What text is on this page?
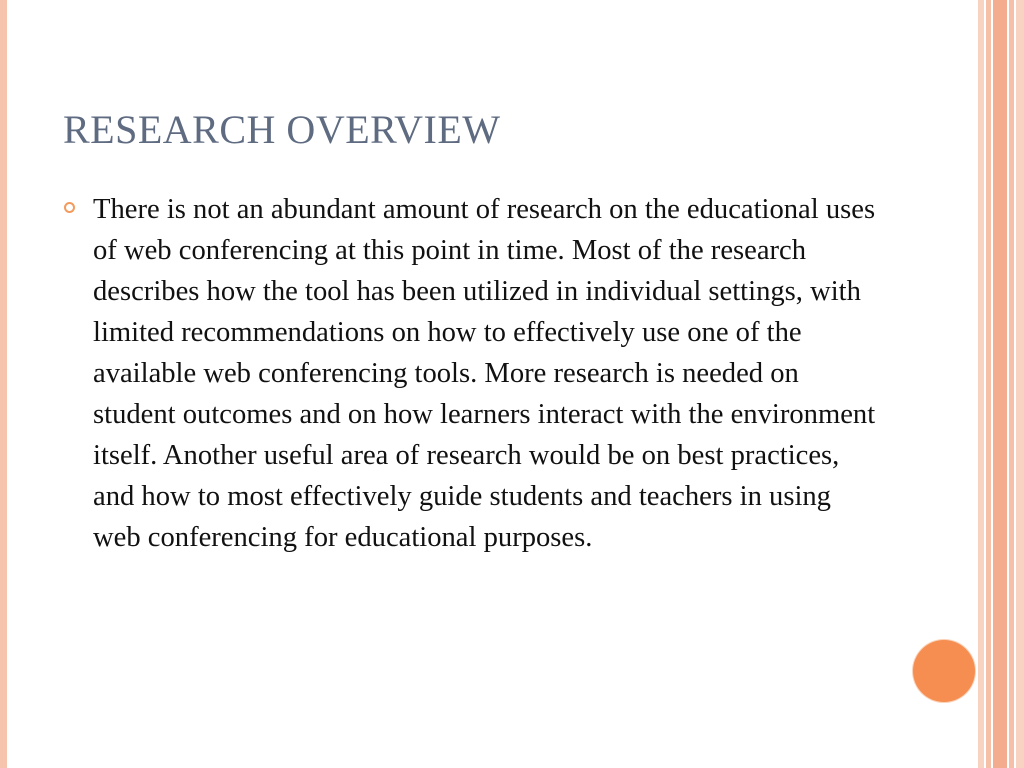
RESEARCH OVERVIEW

There is not an abundant amount of research on the educational uses of web conferencing at this point in time. Most of the research describes how the tool has been utilized in individual settings, with limited recommendations on how to effectively use one of the available web conferencing tools. More research is needed on student outcomes and on how learners interact with the environment itself. Another useful area of research would be on best practices, and how to most effectively guide students and teachers in using web conferencing for educational purposes.
